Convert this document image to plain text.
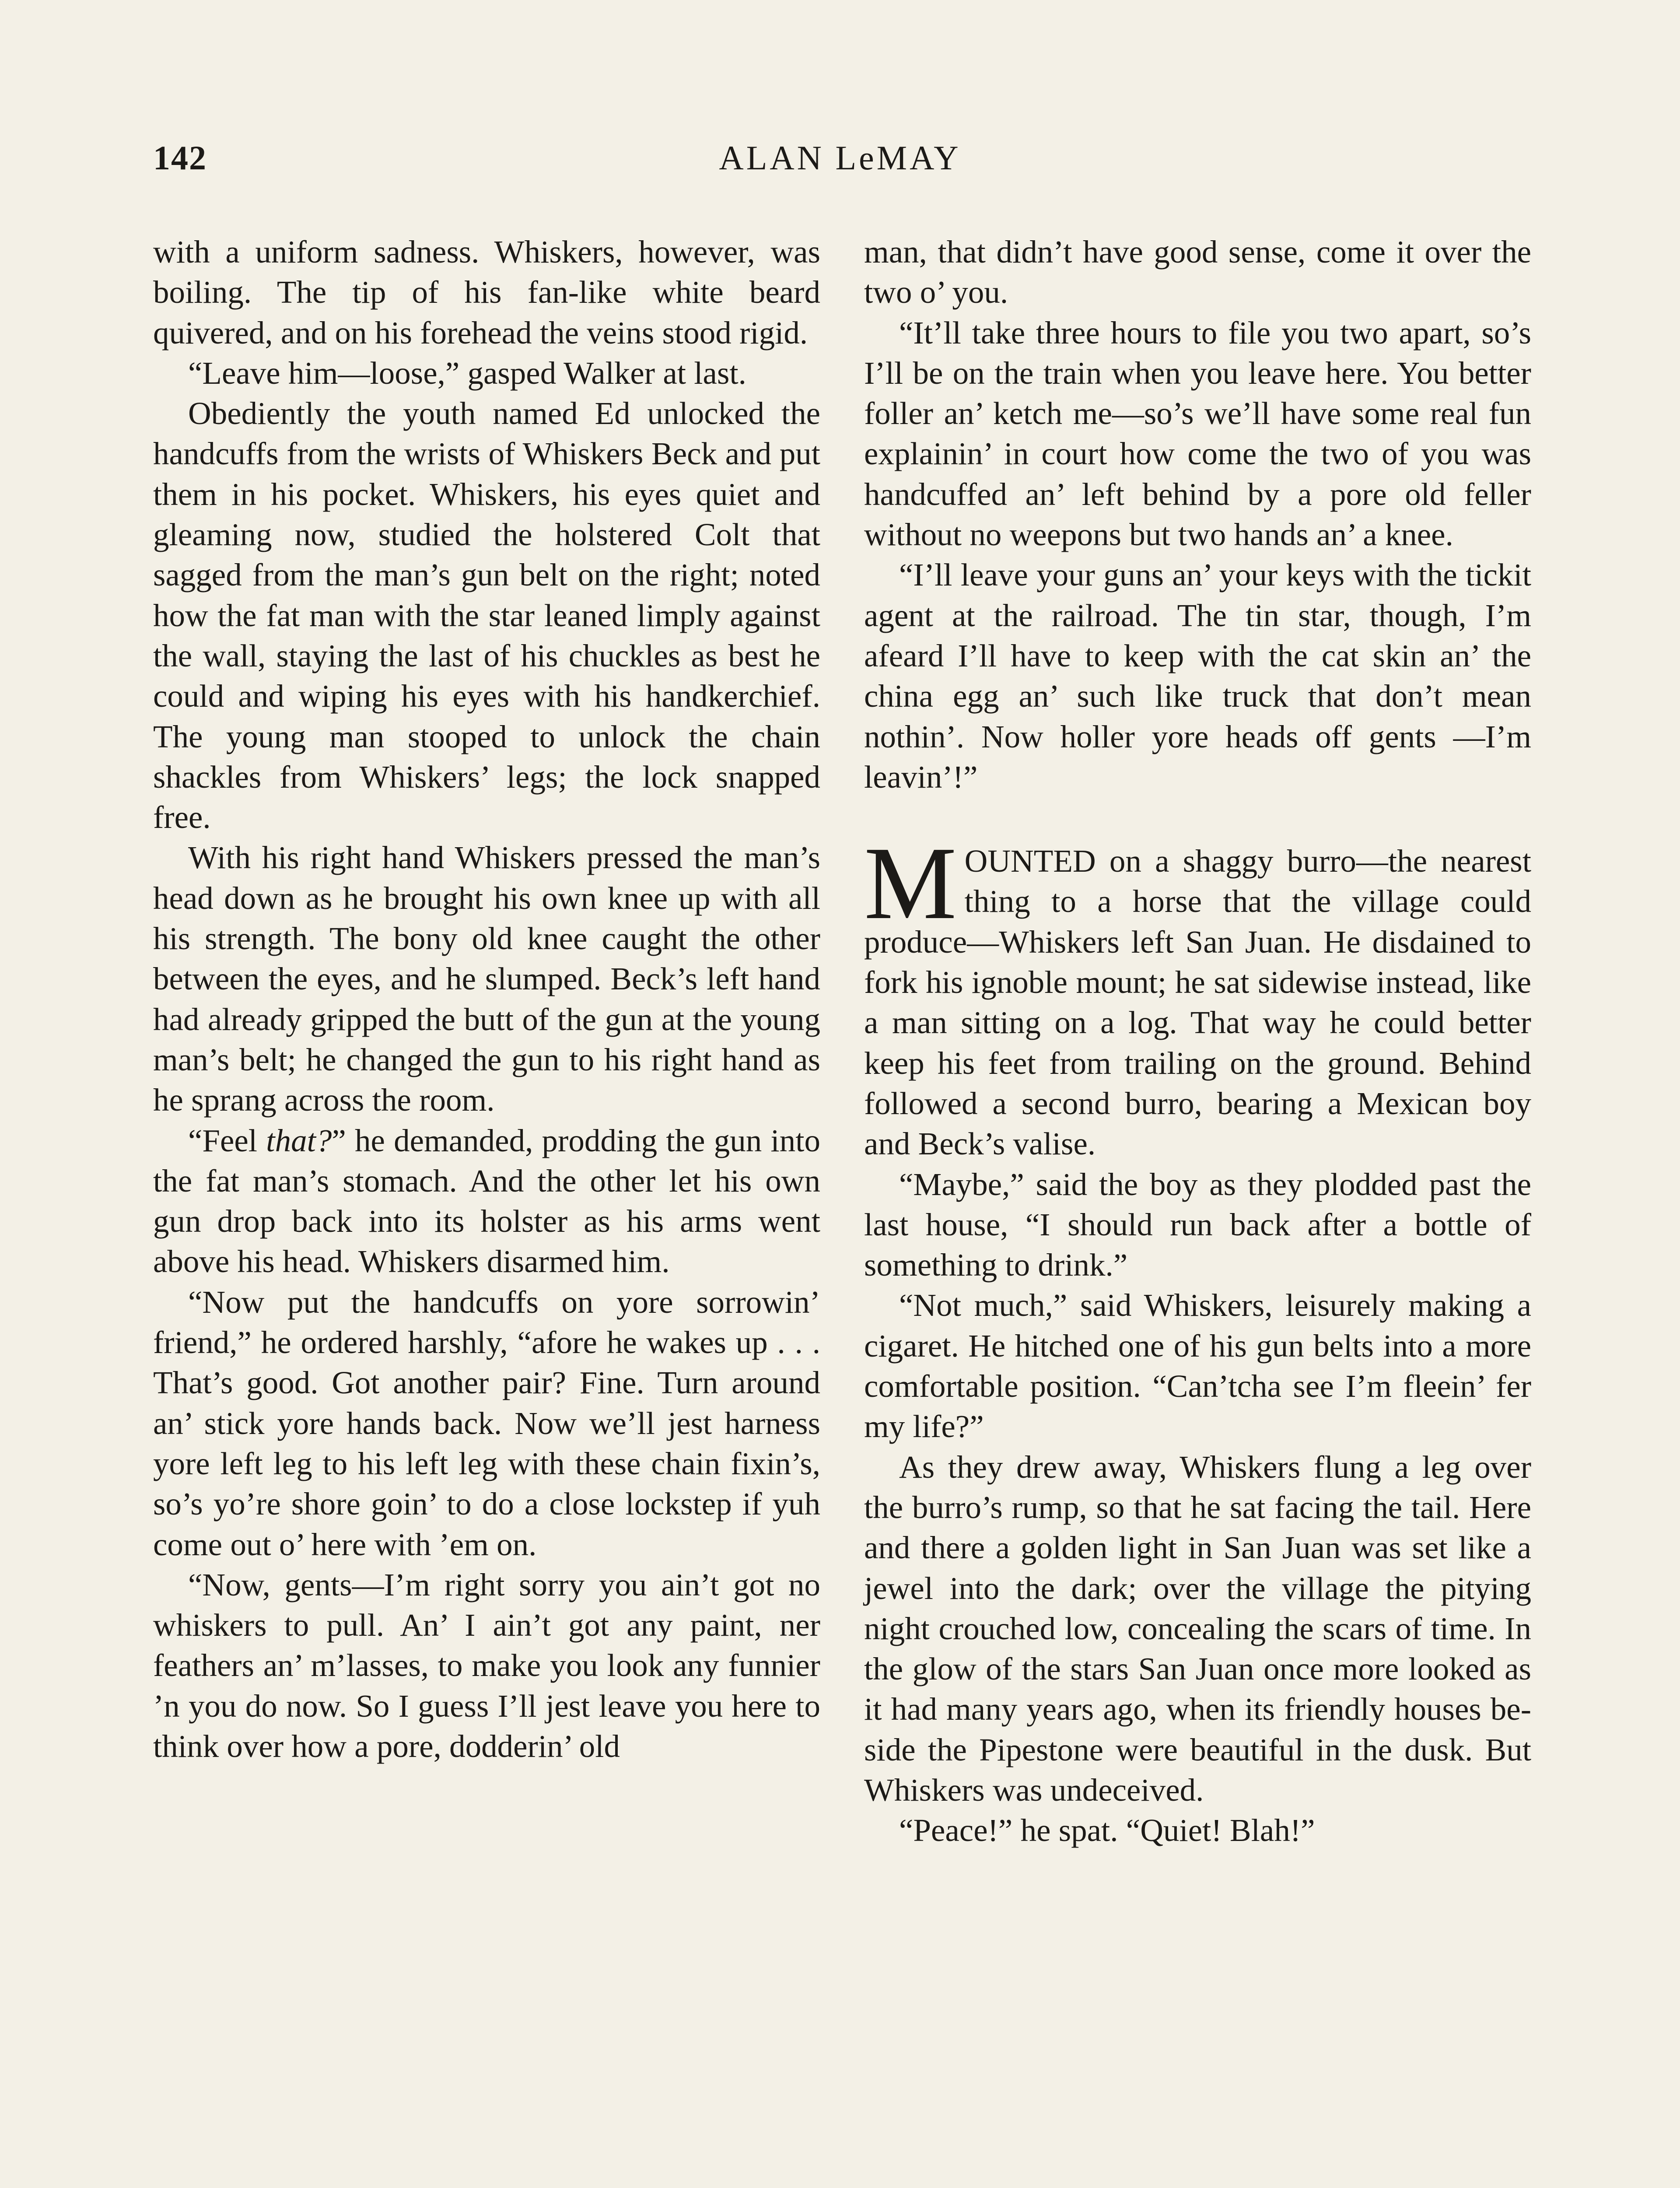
142	ALAN LeMAY

with a uniform sadness. Whiskers, however, was boiling. The tip of his fan-like white beard quivered, and on his forehead the veins stood rigid.

“Leave him—loose,” gasped Walker at last.

Obediently the youth named Ed unlocked the handcuffs from the wrists of Whiskers Beck and put them in his pocket. Whiskers, his eyes quiet and gleaming now, studied the holstered Colt that sagged from the man’s gun belt on the right; noted how the fat man with the star leaned limply against the wall, staying the last of his chuckles as best he could and wiping his eyes with his handkerchief. The young man stooped to unlock the chain shackles from Whiskers’ legs; the lock snapped free.

With his right hand Whiskers pressed the man’s head down as he brought his own knee up with all his strength. The bony old knee caught the other between the eyes, and he slumped. Beck’s left hand had already gripped the butt of the gun at the young man’s belt; he changed the gun to his right hand as he sprang across the room.

“Feel that?” he demanded, prodding the gun into the fat man’s stomach. And the other let his own gun drop back into its holster as his arms went above his head. Whiskers disarmed him.

“Now put the handcuffs on yore sorrowin’ friend,” he ordered harshly, “afore he wakes up . . . That’s good. Got another pair? Fine. Turn around an’ stick yore hands back. Now we’ll jest harness yore left leg to his left leg with these chain fixin’s, so’s yo’re shore goin’ to do a close lockstep if yuh come out o’ here with ’em on.

“Now, gents—I’m right sorry you ain’t got no whiskers to pull. An’ I ain’t got any paint, ner feathers an’ m’lasses, to make you look any funnier ’n you do now. So I guess I’ll jest leave you here to think over how a pore, dodderin’ old

man, that didn’t have good sense, come it over the two o’ you.

“It’ll take three hours to file you two apart, so’s I’ll be on the train when you leave here. You better foller an’ ketch me—so’s we’ll have some real fun explainin’ in court how come the two of you was handcuffed an’ left behind by a pore old feller without no weepons but two hands an’ a knee.

“I’ll leave your guns an’ your keys with the tickit agent at the railroad. The tin star, though, I’m afeard I’ll have to keep with the cat skin an’ the china egg an’ such like truck that don’t mean nothin’. Now holler yore heads off gents —I’m leavin’!”

MOUNTED on a shaggy burro—the nearest thing to a horse that the village could produce—Whiskers left San Juan. He disdained to fork his ignoble mount; he sat sidewise instead, like a man sitting on a log. That way he could better keep his feet from trailing on the ground. Behind followed a second burro, bearing a Mexican boy and Beck’s valise.

“Maybe,” said the boy as they plodded past the last house, “I should run back after a bottle of something to drink.”

“Not much,” said Whiskers, leisurely making a cigaret. He hitched one of his gun belts into a more comfortable position. “Can’tcha see I’m fleein’ fer my life?”

As they drew away, Whiskers flung a leg over the burro’s rump, so that he sat facing the tail. Here and there a golden light in San Juan was set like a jewel into the dark; over the village the pitying night crouched low, concealing the scars of time. In the glow of the stars San Juan once more looked as it had many years ago, when its friendly houses beside the Pipestone were beautiful in the dusk. But Whiskers was undeceived.

“Peace!” he spat. “Quiet! Blah!”
